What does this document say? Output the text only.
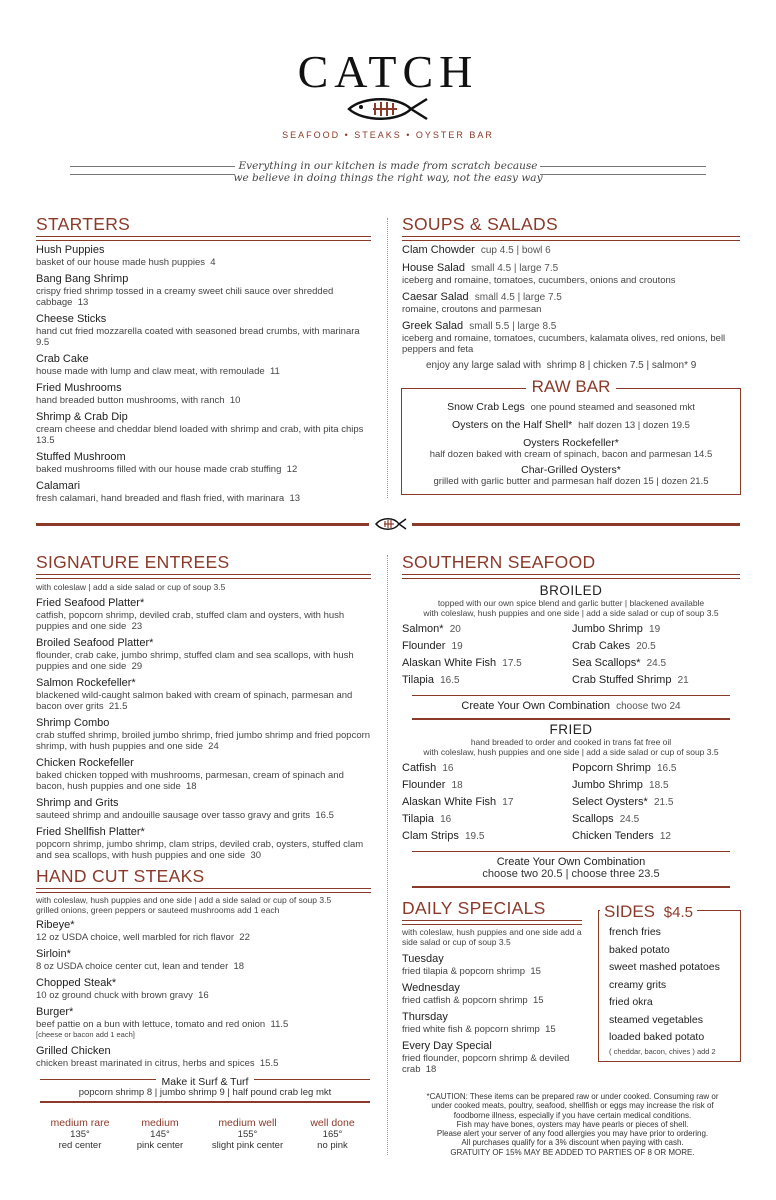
CATCH
SEAFOOD • STEAKS • OYSTER BAR
Everything in our kitchen is made from scratch because
we believe in doing things the right way, not the easy way
STARTERS
Hush Puppies
basket of our house made hush puppies 4
Bang Bang Shrimp
crispy fried shrimp tossed in a creamy sweet chili sauce over shredded cabbage 13
Cheese Sticks
hand cut fried mozzarella coated with seasoned bread crumbs, with marinara  9.5
Crab Cake
house made with lump and claw meat, with remoulade 11
Fried Mushrooms
hand breaded button mushrooms, with ranch 10
Shrimp & Crab Dip
cream cheese and cheddar blend loaded with shrimp and crab, with pita chips  13.5
Stuffed Mushroom
baked mushrooms filled with our house made crab stuffing 12
Calamari
fresh calamari, hand breaded and flash fried, with marinara 13
SOUPS & SALADS
Clam Chowder cup 4.5 | bowl 6
House Salad small 4.5 | large 7.5
iceberg and romaine, tomatoes, cucumbers, onions and croutons
Caesar Salad small 4.5 | large 7.5
romaine, croutons and parmesan
Greek Salad small 5.5 | large 8.5
iceberg and romaine, tomatoes, cucumbers, kalamata olives, red onions, bell peppers and feta
enjoy any large salad with shrimp 8 | chicken 7.5 | salmon* 9
RAW BAR
Snow Crab Legs one pound steamed and seasoned mkt
Oysters on the Half Shell* half dozen 13 | dozen 19.5
Oysters Rockefeller*
half dozen baked with cream of spinach, bacon and parmesan 14.5
Char-Grilled Oysters*
grilled with garlic butter and parmesan half dozen 15 | dozen 21.5
SIGNATURE ENTREES
with coleslaw | add a side salad or cup of soup 3.5
Fried Seafood Platter*
catfish, popcorn shrimp, deviled crab, stuffed clam and oysters, with hush puppies and one side 23
Broiled Seafood Platter*
flounder, crab cake, jumbo shrimp, stuffed clam and sea scallops, with hush puppies and one side 29
Salmon Rockefeller*
blackened wild-caught salmon baked with cream of spinach, parmesan and bacon over grits 21.5
Shrimp Combo
crab stuffed shrimp, broiled jumbo shrimp, fried jumbo shrimp and fried popcorn shrimp, with hush puppies and one side 24
Chicken Rockefeller
baked chicken topped with mushrooms, parmesan, cream of spinach and bacon, hush puppies and one side 18
Shrimp and Grits
sauteed shrimp and andouille sausage over tasso gravy and grits 16.5
Fried Shellfish Platter*
popcorn shrimp, jumbo shrimp, clam strips, deviled crab, oysters, stuffed clam and sea scallops, with hush puppies and one side 30
HAND CUT STEAKS
with coleslaw, hush puppies and one side | add a side salad or cup of soup 3.5
grilled onions, green peppers or sauteed mushrooms add 1 each
Ribeye*
12 oz USDA choice, well marbled for rich flavor 22
Sirloin*
8 oz USDA choice center cut, lean and tender 18
Chopped Steak*
10 oz ground chuck with brown gravy 16
Burger*
beef pattie on a bun with lettuce, tomato and red onion 11.5
[cheese or bacon add 1 each]
Grilled Chicken
chicken breast marinated in citrus, herbs and spices 15.5
Make it Surf & Turf
popcorn shrimp 8 | jumbo shrimp 9 | half pound crab leg mkt
medium rare
135°
red center
medium
145°
pink center
medium well
155°
slight pink center
well done
165°
no pink
SOUTHERN SEAFOOD
BROILED
topped with our own spice blend and garlic butter | blackened available
with coleslaw, hush puppies and one side | add a side salad or cup of soup 3.5
Salmon* 20	Jumbo Shrimp 19
Flounder 19	Crab Cakes 20.5
Alaskan White Fish 17.5	Sea Scallops* 24.5
Tilapia 16.5	Crab Stuffed Shrimp 21
Create Your Own Combination choose two 24
FRIED
hand breaded to order and cooked in trans fat free oil
with coleslaw, hush puppies and one side | add a side salad or cup of soup 3.5
Catfish 16	Popcorn Shrimp 16.5
Flounder 18	Jumbo Shrimp 18.5
Alaskan White Fish 17	Select Oysters* 21.5
Tilapia 16	Scallops 24.5
Clam Strips 19.5	Chicken Tenders 12
Create Your Own Combination
choose two 20.5 | choose three 23.5
DAILY SPECIALS
with coleslaw, hush puppies and one side add a side salad or cup of soup 3.5
Tuesday
fried tilapia & popcorn shrimp 15
Wednesday
fried catfish & popcorn shrimp 15
Thursday
fried white fish & popcorn shrimp 15
Every Day Special
fried flounder, popcorn shrimp & deviled crab 18
french fries
baked potato
sweet mashed potatoes
creamy grits
fried okra
steamed vegetables
loaded baked potato
( cheddar, bacon, chives ) add 2
SIDES $4.5
*CAUTION: These items can be prepared raw or under cooked. Consuming raw or
under cooked meats, poultry, seafood, shellfish or eggs may increase the risk of
foodborne illness, especially if you have certain medical conditions.
Fish may have bones, oysters may have pearls or pieces of shell.
Please alert your server of any food allergies you may have prior to ordering.
All purchases qualify for a 3% discount when paying with cash.
GRATUITY OF 15% MAY BE ADDED TO PARTIES OF 8 OR MORE.
